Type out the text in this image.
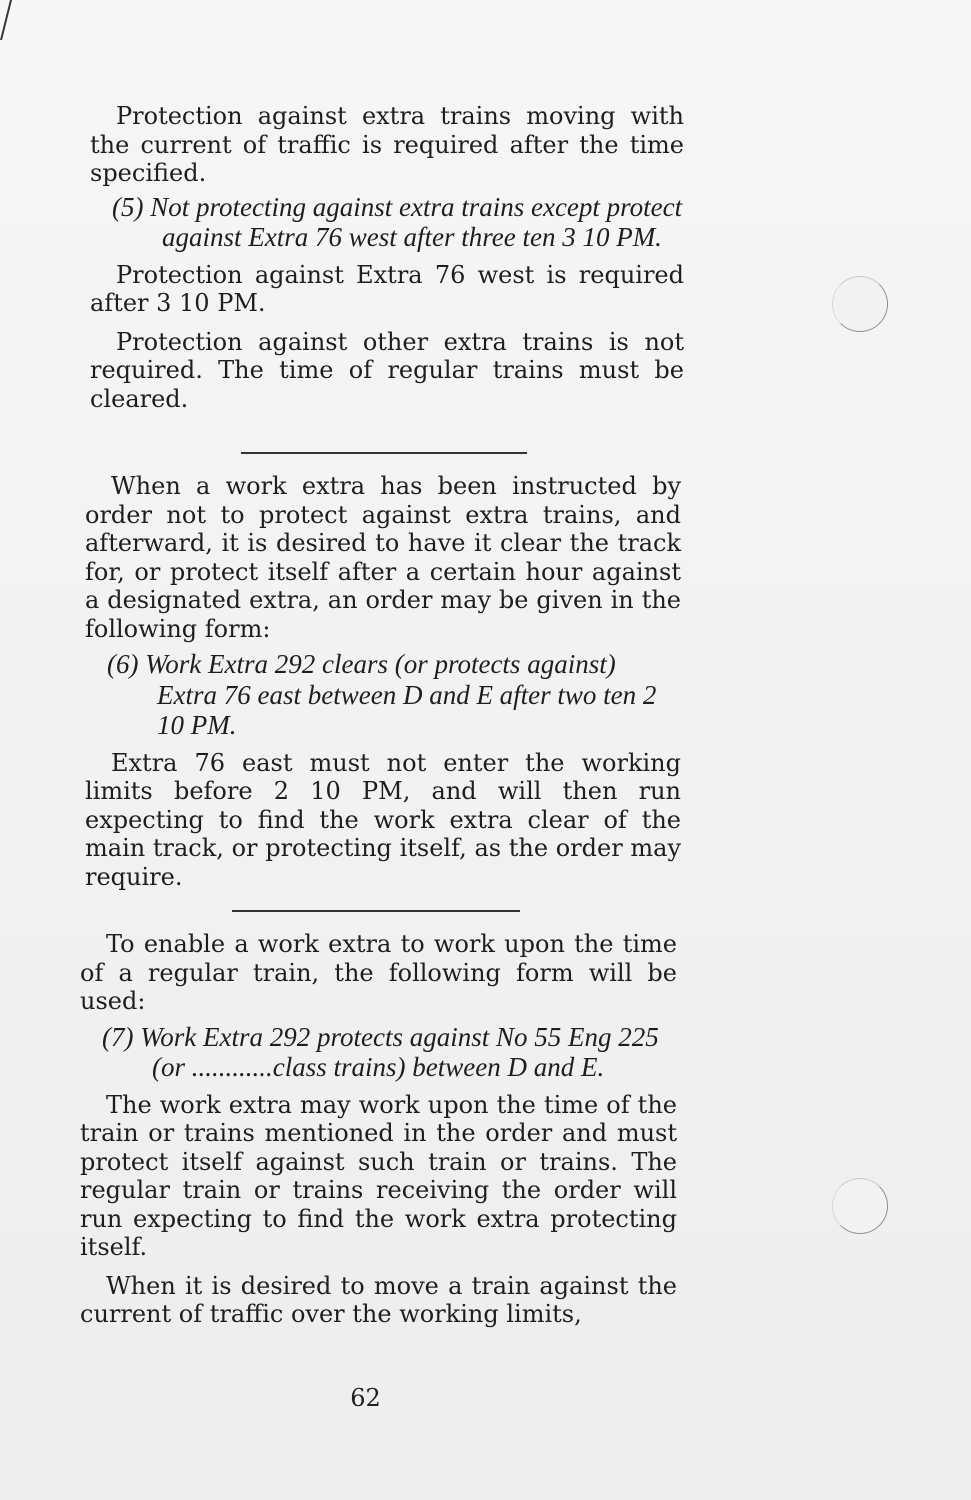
Protection against extra trains moving with the current of traffic is required after the time specified.

(5) Not protecting against extra trains except protect against Extra 76 west after three ten 3 10 PM.

Protection against Extra 76 west is required after 3 10 PM.

Protection against other extra trains is not required. The time of regular trains must be cleared.

When a work extra has been instructed by order not to protect against extra trains, and afterward, it is desired to have it clear the track for, or protect itself after a certain hour against a designated extra, an order may be given in the following form:

(6) Work Extra 292 clears (or protects against) Extra 76 east between D and E after two ten 2 10 PM.

Extra 76 east must not enter the working limits before 2 10 PM, and will then run expecting to find the work extra clear of the main track, or protecting itself, as the order may require.

To enable a work extra to work upon the time of a regular train, the following form will be used:

(7) Work Extra 292 protects against No 55 Eng 225 (or ............class trains) between D and E.

The work extra may work upon the time of the train or trains mentioned in the order and must protect itself against such train or trains. The regular train or trains receiving the order will run expecting to find the work extra protecting itself.

When it is desired to move a train against the current of traffic over the working limits,

62
